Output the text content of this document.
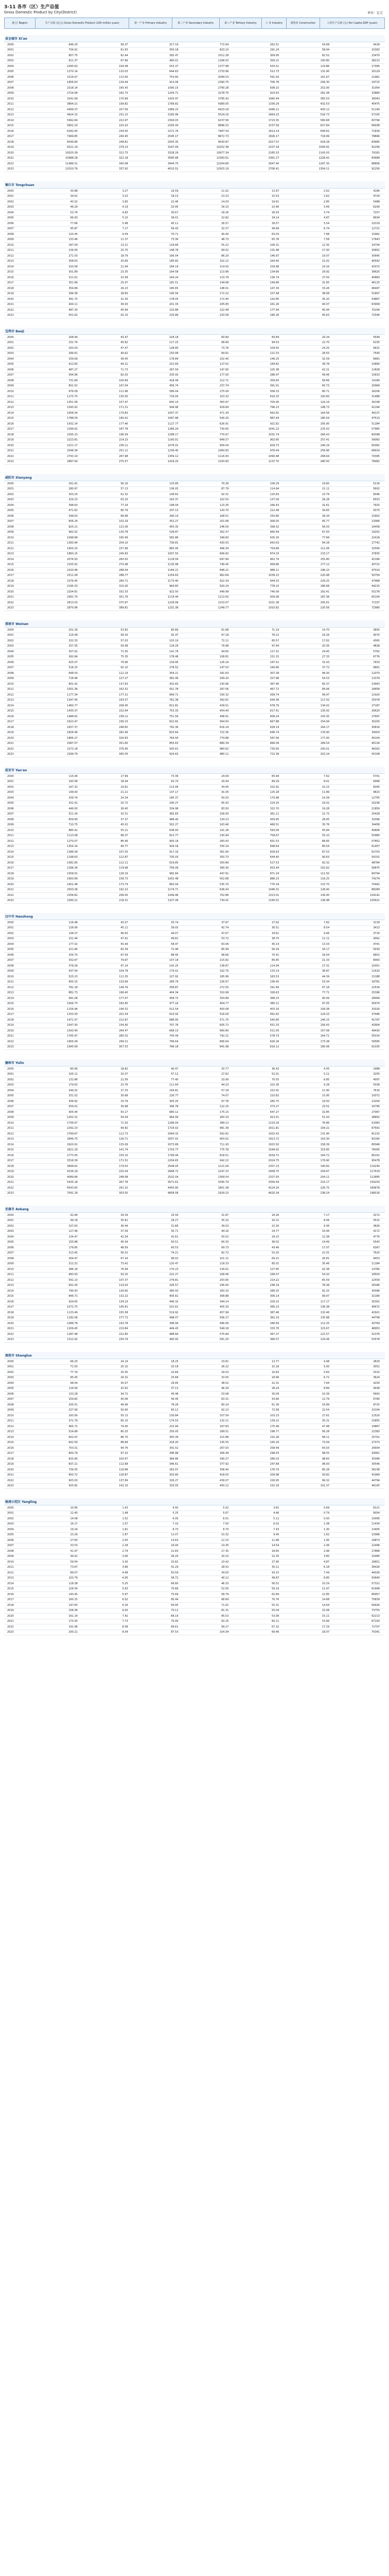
3-11 各市（区）生产总值
Gross Domestic Product by City(District)	单位：亿元
地 区 Region	生产总值 (亿元) Gross Domestic Product (100 million yuan)	第一产业 Primary Industry	第二产业 Secondary Industry	第三产业 Tertiary Industry	工 业 Industry	建筑业 Construction	人均生产总值 (元) Per Capita GDP (yuan)
省会城市 Xi'an
2000	646.20	56.37	317.19	772.64	262.51	54.68	9418
2001	734.91	61.63	350.18	823.10	291.24	58.94	10392
2002	807.75	62.44	392.47	1012.28	309.95	82.52	23470
2003	911.37	67.66	460.01	1168.03	359.21	100.80	28213
2004	1095.63	104.08	553.37	1377.98	433.51	119.86	17095
2005	1270.14	110.03	644.63	1733.96	512.73	131.90	20129
2006	1516.67	113.40	753.60	2099.53	591.93	161.67	21961
2007	1856.63	134.44	913.06	2390.75	706.76	206.30	24715
2008	2318.14	165.43	1090.15	2790.28	838.15	252.00	31054
2009	2724.08	182.73	1204.71	3278.70	923.63	281.08	33880
2010	3241.69	170.99	1425.97	3795.42	1060.44	365.53	38343
2011	3864.21	199.82	1768.82	4389.05	1336.29	432.53	45475
2012	4369.37	207.56	1989.23	4923.18	1496.11	493.12	51140
2013	4924.15	231.10	2180.96	5524.16	1664.23	516.73	57105
2014	5492.64	222.97	2304.03	6237.56	1723.35	580.68	63794
2015	5801.20	220.20	2165.43	6896.53	1537.59	627.84	66938
2016	6282.65	234.05	2271.76	7467.54	1613.14	658.62	71839
2017	7469.85	240.45	2545.17	8672.73	1826.17	718.99	78846
2018	8349.86	248.81	2935.35	9543.87	2017.07	918.28	83685
2019	9321.19	279.13	3167.09	10252.38	2157.18	1009.91	92256
2020	10020.39	312.75	3328.29	10977.34	2185.53	1143.03	79181
2021	10688.28	322.18	3585.88	11583.61	2361.27	1228.42	83689
2022	11486.51	340.08	3944.75	12204.89	2647.40	1297.35	88806
2023	12010.76	337.92	4010.52	12915.19	2706.41	1304.11	92256
铜川市 Tongchuan
2000	30.88	3.27	16.59	11.02	13.97	2.62	4166
2001	34.61	3.23	18.15	13.23	15.53	2.62	4724
2002	40.32	3.83	22.46	14.03	19.61	2.85	5488
2003	46.29	4.19	25.95	16.15	22.46	3.49	6290
2004	53.76	4.83	30.67	18.26	26.93	3.74	7257
2005	66.93	5.10	39.01	22.82	34.14	4.87	8934
2006	77.66	5.98	45.11	26.57	39.57	5.54	10319
2007	95.87	7.17	56.43	32.27	49.69	6.74	12721
2008	120.45	9.34	70.71	40.40	63.03	7.68	15962
2009	133.46	11.37	73.36	48.73	65.78	7.58	17643
2010	187.09	13.21	118.66	55.22	106.31	12.35	24704
2011	234.05	15.75	148.78	69.52	131.48	17.30	30852
2012	271.03	18.79	166.04	86.20	146.97	19.07	35645
2013	308.63	20.69	185.82	102.12	164.40	21.42	40542
2014	320.58	21.94	184.14	114.50	159.98	24.16	42072
2015	301.89	23.35	164.58	113.96	134.66	29.92	39625
2016	311.61	23.58	164.24	123.79	136.74	27.50	40883
2017	351.66	25.47	181.51	144.68	149.86	31.65	46115
2018	354.89	26.23	180.65	148.01	147.39	33.26	46497
2019	396.38	28.60	195.56	172.22	157.48	38.08	51807
2020	381.75	31.30	178.05	172.40	142.85	35.20	54867
2021	444.11	36.93	201.33	205.85	161.26	40.07	63909
2022	487.30	40.94	223.88	222.48	177.94	45.94	70294
2023	501.62	42.15	225.89	233.58	180.26	45.63	72546
宝鸡市 Baoji
2000	208.49	43.47	104.18	60.84	83.84	20.34	5549
2001	231.74	45.82	117.23	68.69	94.53	22.70	6155
2002	250.03	47.47	128.80	73.76	104.55	24.25	6631
2003	284.61	49.62	150.08	84.91	121.53	28.55	7540
2004	339.69	58.45	178.84	102.40	146.25	32.59	8981
2005	412.83	64.21	221.60	127.02	184.82	36.78	10890
2006	487.27	71.73	267.59	147.95	225.38	42.21	12828
2007	594.96	82.03	335.93	177.00	286.47	49.46	15633
2008	731.89	100.69	418.49	212.71	359.83	58.66	19189
2009	801.52	107.04	456.74	237.74	391.01	65.73	20969
2010	976.09	111.96	589.04	275.09	508.33	80.71	26206
2011	1175.75	135.50	716.93	323.32	616.33	100.60	31488
2012	1351.58	157.47	830.14	363.97	705.95	124.19	36108
2013	1545.91	171.31	944.96	429.64	796.23	148.73	41194
2014	1658.54	179.83	1007.37	471.34	842.81	164.56	44137
2015	1788.59	180.41	1067.98	540.20	887.44	180.54	47513
2016	1932.14	177.46	1127.77	626.91	921.82	205.95	51284
2017	2184.62	187.78	1266.24	730.60	1041.22	225.02	57965
2018	2265.23	196.39	1298.17	770.67	1031.74	266.43	60098
2019	2223.81	214.23	1160.01	849.57	902.60	257.41	59063
2020	2221.17	236.11	1076.02	909.04	829.73	246.29	60082
2021	2548.34	251.11	1236.40	1060.83	976.44	259.96	68919
2022	2743.10	267.98	1359.12	1116.00	1090.48	268.64	74395
2023	2887.60	275.57	1418.20	1193.83	1137.70	280.50	78481
咸阳市 Xianyang
2000	261.41	56.16	125.89	79.36	106.29	19.60	5216
2001	280.97	57.13	136.05	87.79	114.94	21.11	5602
2002	303.25	61.32	149.62	92.31	125.83	23.79	6046
2003	329.15	63.25	163.37	102.53	137.09	26.28	6553
2004	398.63	77.24	198.04	123.35	166.43	31.61	7925
2005	471.62	80.79	247.13	143.70	212.48	34.65	9370
2006	548.63	89.98	290.14	168.51	250.80	39.34	10902
2007	656.24	102.29	352.27	201.68	306.50	45.77	13066
2008	825.21	123.36	455.35	246.50	399.32	56.03	16458
2009	962.02	130.78	528.87	302.37	460.94	67.93	19201
2010	1098.68	165.99	582.86	349.83	505.20	77.66	22418
2011	1360.94	204.10	736.81	420.03	642.63	94.18	27742
2012	1600.25	237.96	865.95	496.34	754.89	111.06	32590
2013	1860.15	245.83	1007.50	606.82	874.33	133.17	37835
2014	2076.93	260.50	1118.59	697.84	962.79	155.80	42184
2015	2155.91	270.48	1135.98	749.45	958.86	177.12	43722
2016	2320.96	288.54	1184.21	848.21	988.11	196.10	47010
2017	2511.09	288.77	1259.63	962.69	1039.15	220.48	50759
2018	2376.45	280.71	1173.40	922.34	944.15	229.25	47968
2019	2195.33	310.26	964.83	920.24	778.15	186.68	44215
2020	2204.81	332.33	922.50	949.98	740.09	182.41	55278
2021	2581.70	351.76	1116.44	1113.50	929.08	187.36	65104
2022	2813.03	375.97	1226.99	1210.07	1021.38	205.61	71337
2023	2870.96	389.81	1231.38	1249.77	1010.82	220.56	72980
渭南市 Weinan
2000	201.39	53.82	85.89	61.68	71.19	14.70	3805
2001	216.08	56.43	92.47	67.18	76.21	16.26	4070
2002	232.33	57.03	103.19	72.11	85.57	17.62	4365
2003	257.35	59.08	118.29	79.98	97.94	20.35	4828
2004	307.91	71.50	141.76	94.65	117.31	24.45	5762
2005	362.64	75.35	178.48	108.81	151.15	27.33	6776
2006	425.07	79.96	218.95	126.16	187.52	31.43	7933
2007	518.15	92.10	278.52	147.53	240.80	37.72	9661
2008	648.03	112.19	354.21	181.63	307.28	46.93	12070
2009	718.96	127.27	382.49	209.20	327.96	54.53	13379
2010	801.42	137.63	432.83	230.96	367.46	65.37	14943
2011	1001.36	162.52	551.78	287.06	467.72	84.06	18658
2012	1177.34	177.31	669.71	330.32	569.74	99.97	21920
2013	1347.56	193.57	761.38	392.61	644.36	117.02	25078
2014	1460.77	208.45	812.81	439.51	678.79	134.02	27187
2015	1430.37	222.64	753.33	454.40	617.41	135.92	26620
2016	1488.62	238.12	751.59	498.91	608.24	143.35	27697
2017	1623.47	236.15	822.82	564.50	667.88	154.94	30200
2018	1657.37	248.82	792.36	616.19	628.19	164.17	30816
2019	1828.46	282.46	823.64	722.36	646.74	176.90	34003
2020	1866.27	326.83	764.56	774.88	587.56	177.00	40104
2021	2087.57	351.60	855.63	880.34	666.09	189.54	45134
2022	2273.18	376.95	935.61	960.62	735.60	200.01	49302
2023	2299.79	395.05	924.63	980.11	722.39	202.24	50108
延安市 Yan'an
2000	115.44	17.99	73.36	24.09	65.94	7.42	5741
2001	140.58	18.44	92.70	29.44	84.29	8.41	6968
2002	167.32	19.81	113.06	34.45	102.91	10.15	8265
2003	199.43	21.21	137.17	41.05	125.28	11.89	9823
2004	259.74	24.34	185.37	50.03	170.98	14.39	12755
2005	331.41	25.72	240.27	65.42	224.25	16.02	16236
2006	446.93	28.45	334.98	83.50	315.70	19.28	21859
2007	521.34	32.51	382.83	106.00	361.11	21.72	25428
2008	659.90	37.37	488.40	134.13	459.95	28.45	32096
2009	710.75	45.02	502.27	163.46	466.51	35.76	34458
2010	885.42	55.21	638.93	191.28	593.09	45.84	40806
2011	1113.08	68.37	813.77	230.94	758.67	55.10	50980
2012	1270.07	86.46	900.18	283.43	831.53	68.65	57852
2013	1354.14	94.77	929.18	330.19	848.64	80.54	61457
2014	1386.09	107.03	917.16	361.90	829.63	87.53	62703
2015	1198.63	112.87	735.03	350.73	644.40	90.63	54101
2016	1082.85	112.11	619.85	350.89	527.53	92.32	48784
2017	1266.34	119.98	756.06	390.30	653.44	102.62	56875
2018	1558.91	128.16	982.84	447.91	871.34	111.50	69794
2019	1663.89	158.73	1002.48	502.68	886.23	116.25	74279
2020	1601.48	173.74	892.04	535.70	776.34	115.70	70442
2021	2003.36	192.22	1174.71	636.43	1046.31	128.40	88289
2022	2358.82	206.00	1449.96	702.86	1313.01	136.95	104142
2023	2280.21	218.31	1327.49	734.41	1190.51	136.98	100921
汉中市 Hanzhong
2000	116.48	43.07	35.74	37.67	27.92	7.82	3139
2001	126.90	45.11	39.05	42.74	30.51	8.54	3413
2002	138.37	46.63	44.07	47.67	34.61	9.46	3716
2003	151.44	47.91	49.81	53.72	38.70	11.11	4062
2004	177.02	55.49	58.47	63.06	45.14	13.33	4741
2005	221.84	63.39	72.46	85.99	56.29	16.17	5930
2006	254.70	67.59	88.45	98.66	70.41	18.04	6801
2007	302.67	79.67	107.18	115.82	85.85	21.33	8063
2008	378.26	97.14	142.25	138.87	114.94	27.31	10051
2009	437.54	104.78	170.01	162.75	133.14	36.87	11610
2010	525.23	111.35	227.92	185.96	183.53	44.39	15188
2011	650.15	133.69	289.79	226.67	236.45	53.34	18781
2012	781.18	149.76	358.87	272.55	291.69	67.18	22534
2013	881.73	166.40	404.34	310.99	326.63	77.71	25396
2014	991.08	177.47	458.72	354.89	368.23	90.49	28469
2015	1064.73	182.80	477.16	404.77	380.11	97.05	30474
2016	1156.94	194.32	512.54	450.08	403.16	109.38	33016
2017	1333.30	201.34	615.92	516.04	491.82	124.10	37946
2018	1471.57	212.87	686.95	571.75	540.80	146.15	41797
2019	1547.93	234.45	707.76	605.72	551.33	156.43	43904
2020	1593.40	264.47	668.13	660.80	511.05	157.08	49430
2021	1765.97	280.32	743.44	742.21	578.73	164.71	55014
2022	1905.49	299.21	799.64	806.64	626.26	173.38	59585
2023	1945.69	307.53	796.18	841.98	616.12	180.06	61035
榆林市 Yulin
2000	80.06	18.82	40.47	20.77	36.42	4.05	2488
2001	105.11	20.37	57.12	27.62	52.01	5.11	3255
2002	132.86	21.56	77.40	33.90	70.55	6.85	4097
2003	179.63	23.76	111.64	44.23	102.36	9.28	5508
2004	249.32	27.33	164.81	57.18	152.91	11.90	7616
2005	331.52	30.68	226.77	74.07	210.82	15.95	10072
2006	436.82	33.79	305.25	97.78	285.75	19.50	13200
2007	559.01	39.98	396.78	122.25	373.27	23.51	16795
2008	905.44	50.17	680.12	175.15	647.27	32.85	27067
2009	1302.31	54.04	964.94	283.33	913.51	51.43	38802
2010	1756.67	71.50	1296.04	389.13	1219.18	76.86	52083
2011	2292.23	94.82	1716.02	481.39	1611.81	104.21	67591
2012	2769.67	112.73	2064.32	592.62	1932.42	131.90	81232
2013	2846.75	126.71	2057.02	663.02	1913.72	143.30	83160
2014	2920.91	135.09	2073.89	711.93	1915.50	158.39	85046
2015	2621.29	141.74	1703.77	775.78	1549.92	153.85	76005
2016	2773.05	155.10	1799.44	818.51	1634.72	164.72	80152
2017	3318.39	171.52	2204.65	942.22	2024.75	179.90	95478
2018	3848.62	179.53	2548.05	1121.04	2357.23	190.82	110244
2019	4136.29	220.34	2668.72	1247.23	2458.75	209.97	117919
2020	4089.66	248.08	2532.04	1309.54	2327.93	204.11	112885
2021	5435.18	267.78	3571.61	1595.79	3356.44	215.17	150203
2022	6543.65	291.32	4450.95	1801.38	4224.20	226.75	180878
2023	7091.18	303.50	4858.58	1929.10	4620.34	238.24	196016
安康市 Ankang
2000	91.64	34.34	25.43	31.87	18.26	7.17	3272
2001	99.18	35.81	28.27	35.10	20.21	8.06	3531
2002	107.63	36.44	31.66	39.53	22.30	9.36	3826
2003	117.46	37.59	35.71	44.16	24.77	10.94	4172
2004	134.47	42.34	41.61	50.52	29.23	12.38	4776
2005	155.88	45.04	50.51	60.33	36.02	14.49	5543
2006	178.85	48.59	60.53	69.73	43.46	17.07	6367
2007	213.45	56.52	74.21	82.72	53.20	21.01	7620
2008	264.47	67.24	96.02	101.21	69.21	26.81	9453
2009	312.22	73.42	120.47	118.33	85.01	35.46	11184
2010	386.18	76.94	170.23	139.01	127.85	42.38	14780
2011	483.93	93.20	222.27	168.46	168.07	54.20	18500
2012	591.13	107.37	279.81	203.95	214.22	65.59	22559
2013	691.00	119.43	326.57	245.00	248.19	78.38	26346
2014	790.43	126.60	380.50	283.33	289.25	91.25	30096
2015	846.71	132.22	405.61	308.88	306.14	99.47	32180
2016	929.65	139.19	446.32	344.14	329.15	117.17	35301
2017	1072.75	145.81	521.61	405.33	385.23	136.38	40672
2018	1133.49	155.58	519.92	457.99	387.46	132.46	42921
2019	1182.06	177.72	498.07	506.27	362.19	135.88	44708
2020	1088.78	193.78	398.94	496.06	286.69	112.25	43769
2021	1209.45	210.84	449.43	549.18	333.76	115.67	48953
2022	1287.48	222.80	488.84	575.84	367.27	121.57	52376
2023	1312.92	230.79	490.93	591.20	366.57	124.36	53578
商洛市 Shangluo
2000	66.25	24.19	18.25	23.81	13.77	4.48	2829
2001	71.50	25.10	20.18	26.22	15.18	5.00	3051
2002	77.74	25.55	22.66	29.53	16.83	5.83	3315
2003	85.05	26.32	25.68	33.05	18.96	6.72	3624
2004	98.54	30.07	29.95	38.52	22.31	7.64	4200
2005	116.04	32.62	37.13	46.29	28.24	8.89	4938
2006	133.28	34.72	45.48	53.08	35.09	10.39	5663
2007	159.82	40.06	56.45	63.31	43.66	12.79	6785
2008	205.51	46.99	78.28	80.24	61.39	16.89	8725
2009	237.90	50.65	95.12	92.13	72.58	22.54	10104
2010	293.56	55.13	130.84	107.59	103.23	27.61	12520
2011	371.79	65.15	174.53	132.11	139.22	35.31	15855
2012	465.72	74.95	222.94	167.83	175.46	47.48	19867
2013	524.89	80.33	255.05	189.51	198.77	56.28	22383
2014	602.97	86.70	300.39	215.88	232.28	68.11	25701
2015	642.59	88.84	318.20	235.55	245.16	73.04	27373
2016	703.31	94.76	341.52	267.03	258.49	83.03	29934
2017	800.79	97.32	396.98	306.49	298.43	98.55	34061
2018	825.80	100.67	384.86	340.27	286.03	98.83	35096
2019	837.21	112.68	346.61	377.92	247.68	98.93	35546
2020	739.35	118.88	262.07	358.40	176.79	85.28	36238
2021	850.72	128.87	303.80	418.05	209.98	93.82	41969
2022	903.03	137.69	326.27	439.07	226.95	99.32	44794
2023	925.82	142.15	333.55	450.12	232.18	101.37	46145
杨凌示范区 Yangling
2000	10.95	1.43	4.50	5.02	3.81	0.69	8121
2001	12.40	1.48	5.25	5.67	4.46	0.79	9054
2002	14.08	1.52	6.05	6.51	5.12	0.93	10095
2003	16.17	1.57	7.10	7.50	6.02	1.08	11434
2004	19.24	1.81	8.73	8.70	7.43	1.30	13405
2005	23.26	1.87	11.07	10.32	9.45	1.62	15966
2006	27.83	2.05	13.63	12.15	11.68	1.95	18873
2007	33.53	2.28	16.90	14.35	14.54	2.36	22496
2008	41.97	2.79	21.83	17.35	18.85	2.98	27868
2009	49.41	3.06	26.20	20.15	22.35	3.85	32485
2010	59.54	3.30	32.82	23.42	27.95	4.87	29651
2011	73.67	3.86	41.29	28.52	35.11	6.18	36426
2012	89.57	4.48	50.59	34.50	43.15	7.44	44026
2013	103.79	4.95	58.72	40.12	49.87	8.85	50640
2014	118.38	5.25	66.80	46.33	56.51	10.29	57321
2015	128.34	5.63	70.66	52.05	59.19	11.47	61668
2016	140.45	5.97	75.69	58.79	62.84	12.85	66957
2017	160.15	6.02	85.44	68.69	70.76	14.68	75839
2018	147.83	6.26	69.95	71.62	55.31	14.64	69426
2019	158.36	6.93	70.12	81.31	55.04	15.08	73755
2020	161.14	7.42	68.19	85.53	53.08	15.11	62213
2021	175.93	7.73	75.95	92.25	60.11	15.84	67154
2022	191.96	8.08	84.61	99.27	67.32	17.29	72707
2023	200.21	8.34	87.53	104.34	69.46	18.07	75341
